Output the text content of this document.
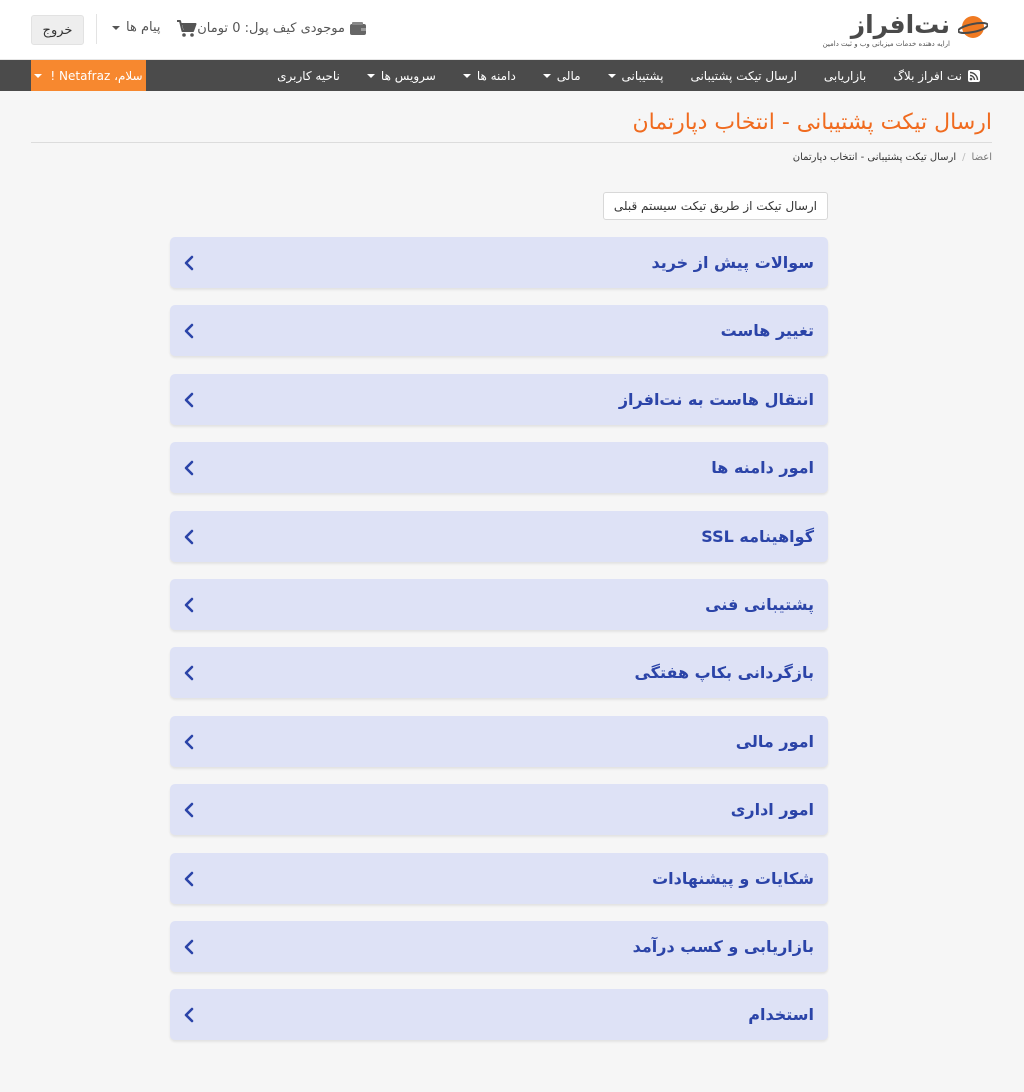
نت‌افراز
ارایه دهنده خدمات میزبانی وب و ثبت دامین
موجودی کیف پول: 0 تومان
پیام ها
خروج
ناحیه کاربری	سرویس ها	دامنه ها	مالی	پشتیبانی ارسال تیکت پشتیبانی بازاریابی نت افراز بلاگ
سلام، Netafraz !
ارسال تیکت پشتیبانی - انتخاب دپارتمان
اعضا
/
ارسال تیکت پشتیبانی - انتخاب دپارتمان
ارسال تیکت از طریق تیکت سیستم قبلی
سوالات پیش از خرید
تغییر هاست
انتقال هاست به نت‌افراز
امور دامنه ها
گواهینامه SSL
پشتیبانی فنی
بازگردانی بکاپ هفتگی
امور مالی
امور اداری
شکایات و پیشنهادات
بازاریابی و کسب درآمد
استخدام
